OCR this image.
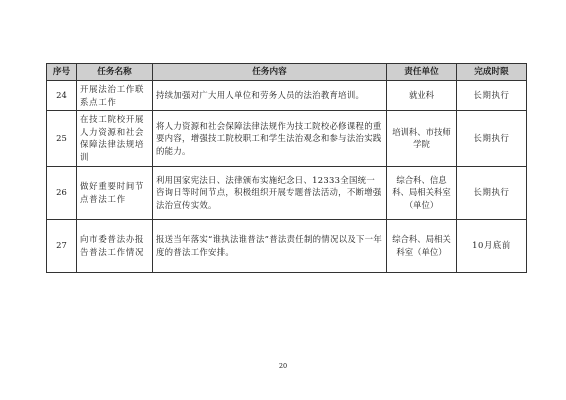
序号	任务名称	任务内容	责任单位	完成时限
24	开展法治工作联系点工作	持续加强对广大用人单位和劳务人员的法治教育培训。	就业科	长期执行
25	在技工院校开展人力资源和社会保障法律法规培训	将人力资源和社会保障法律法规作为技工院校必修课程的重要内容，增强技工院校职工和学生法治观念和参与法治实践的能力。	培训科、市技师学院	长期执行
26	做好重要时间节点普法工作	利用国家宪法日、法律颁布实施纪念日、12333全国统一咨询日等时间节点，积极组织开展专题普法活动，不断增强法治宣传实效。	综合科、信息科、局相关科室（单位）	长期执行
27	向市委普法办报告普法工作情况	报送当年落实“谁执法谁普法”普法责任制的情况以及下一年度的普法工作安排。	综合科、局相关科室（单位）	10月底前
20
